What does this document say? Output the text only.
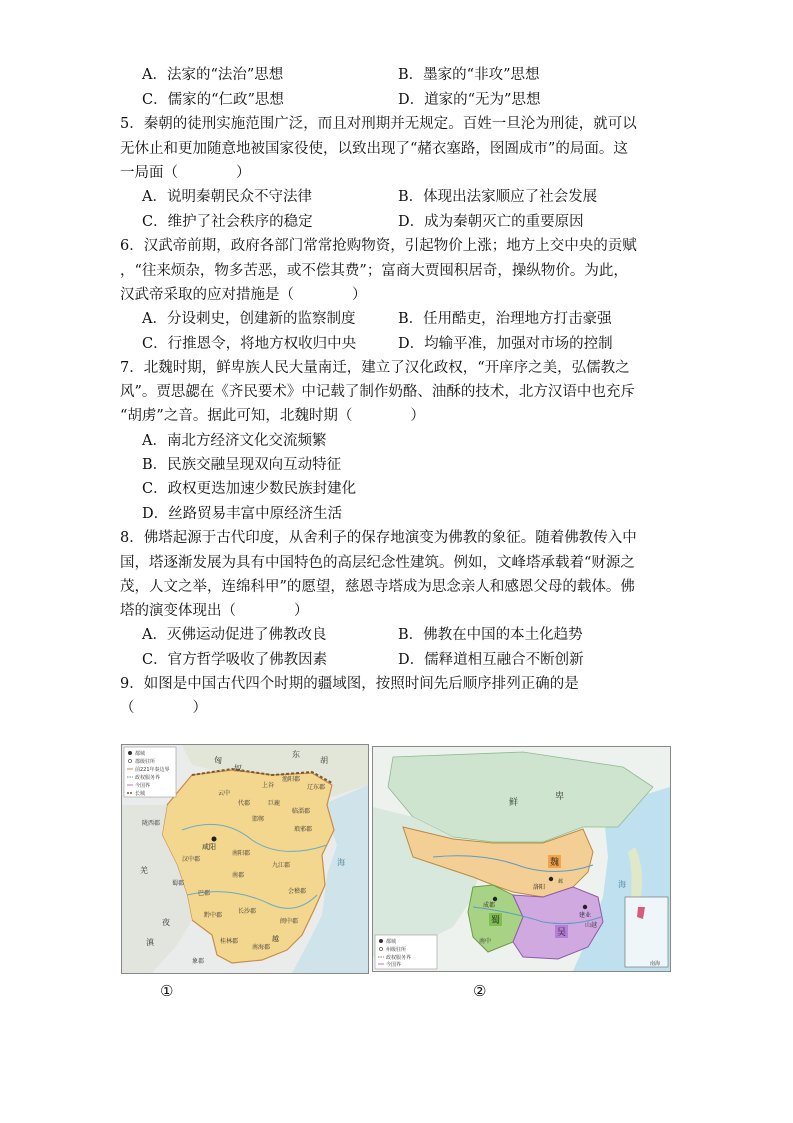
A．法家的“法治”思想	B．墨家的“非攻”思想
C．儒家的“仁政”思想	D．道家的“无为”思想
5．秦朝的徒刑实施范围广泛，而且对刑期并无规定。百姓一旦沦为刑徒，就可以
无休止和更加随意地被国家役使，以致出现了“赭衣塞路，囹圄成市”的局面。这
一局面（　　　　）
A．说明秦朝民众不守法律	B．体现出法家顺应了社会发展
C．维护了社会秩序的稳定	D．成为秦朝灭亡的重要原因
6．汉武帝前期，政府各部门常常抢购物资，引起物价上涨；地方上交中央的贡赋
，“往来烦杂，物多苦恶，或不偿其费”；富商大贾囤积居奇，操纵物价。为此，
汉武帝采取的应对措施是（　　　　）
A．分设刺史，创建新的监察制度	B．任用酷吏，治理地方打击豪强
C．行推恩令，将地方权收归中央	D．均输平准，加强对市场的控制
7．北魏时期，鲜卑族人民大量南迁，建立了汉化政权，“开庠序之美，弘儒教之
风”。贾思勰在《齐民要术》中记载了制作奶酪、油酥的技术，北方汉语中也充斥
“胡虏”之音。据此可知，北魏时期（　　　　）
A．南北方经济文化交流频繁
B．民族交融呈现双向互动特征
C．政权更迭加速少数民族封建化
D．丝路贸易丰富中原经济生活
8．佛塔起源于古代印度，从舍利子的保存地演变为佛教的象征。随着佛教传入中
国，塔逐渐发展为具有中国特色的高层纪念性建筑。例如，文峰塔承载着“财源之
茂，人文之举，连绵科甲”的愿望，慈恩寺塔成为思念亲人和感恩父母的载体。佛
塔的演变体现出（　　　　）
A．灭佛运动促进了佛教改良	B．佛教在中国的本土化趋势
C．官方哲学吸收了佛教因素	D．儒释道相互融合不断创新
9．如图是中国古代四个时期的疆域图，按照时间先后顺序排列正确的是
（　　　　）
都城
郡级驻所
前221年秦边界
政权服务界
今国界
长城
匈
奴
东
胡
咸阳
代郡
云中
上谷
渔阳郡
辽东郡
邯郸
巨鹿
临淄郡
琅邪郡
南阳郡
汉中郡
蜀郡
巴郡
南郡
九江郡
黔中郡
长沙郡
会稽郡
闽中郡
南海郡
桂林郡
象郡
陇西郡
羌
夜
滇
海
越
①
南海
都城
州级驻所
政权服务界
今国界
鲜
卑
魏
洛阳
邺
成都
蜀
南中
建业
山越
吴
海
②
